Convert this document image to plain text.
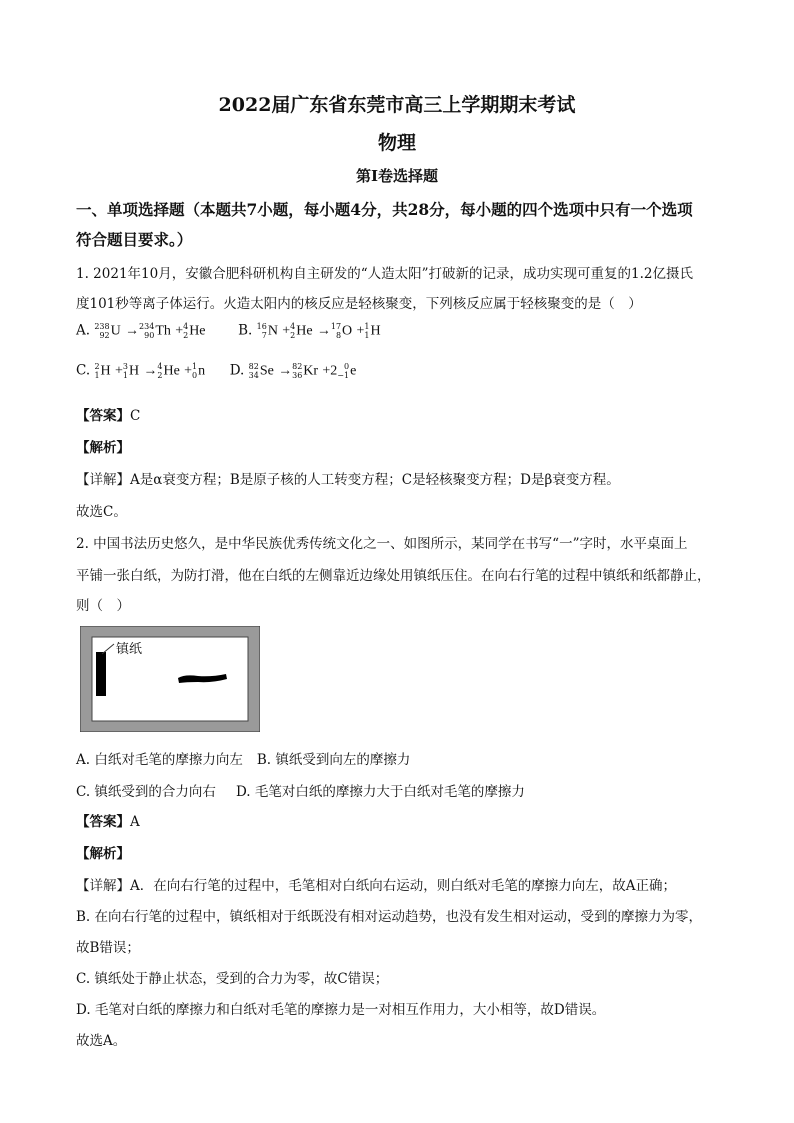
2022届广东省东莞市高三上学期期末考试
物理
第Ⅰ卷选择题
一、单项选择题（本题共7小题，每小题4分，共28分，每小题的四个选项中只有一个选项
符合题目要求。）
1. 2021年10月，安徽合肥科研机构自主研发的“人造太阳”打破新的记录，成功实现可重复的1.2亿摄氏
度101秒等离子体运行。火造太阳内的核反应是轻核聚变，下列核反应属于轻核聚变的是（　）
A. 238
92 U → 234
90 Th + 4
2 He B. 16
7 N + 4
2 He → 17
8 O + 1
1 H
C. 2
1 H + 3
1 H → 4
2 He + 1
0 n D. 82
34 Se → 82
36 Kr +2 0
−1 e
【答案】C
【解析】
【详解】A是α衰变方程；B是原子核的人工转变方程；C是轻核聚变方程；D是β衰变方程。
故选C。
2. 中国书法历史悠久，是中华民族优秀传统文化之一、如图所示，某同学在书写“一”字时，水平桌面上
平铺一张白纸，为防打滑，他在白纸的左侧靠近边缘处用镇纸压住。在向右行笔的过程中镇纸和纸都静止，
则（　）
镇纸
A. 白纸对毛笔的摩擦力向左 B. 镇纸受到向左的摩擦力
C. 镇纸受到的合力向右 D. 毛笔对白纸的摩擦力大于白纸对毛笔的摩擦力
【答案】A
【解析】
【详解】A．在向右行笔的过程中，毛笔相对白纸向右运动，则白纸对毛笔的摩擦力向左，故A正确；
B. 在向右行笔的过程中，镇纸相对于纸既没有相对运动趋势，也没有发生相对运动，受到的摩擦力为零，
故B错误；
C. 镇纸处于静止状态，受到的合力为零，故C错误；
D. 毛笔对白纸的摩擦力和白纸对毛笔的摩擦力是一对相互作用力，大小相等，故D错误。
故选A。
